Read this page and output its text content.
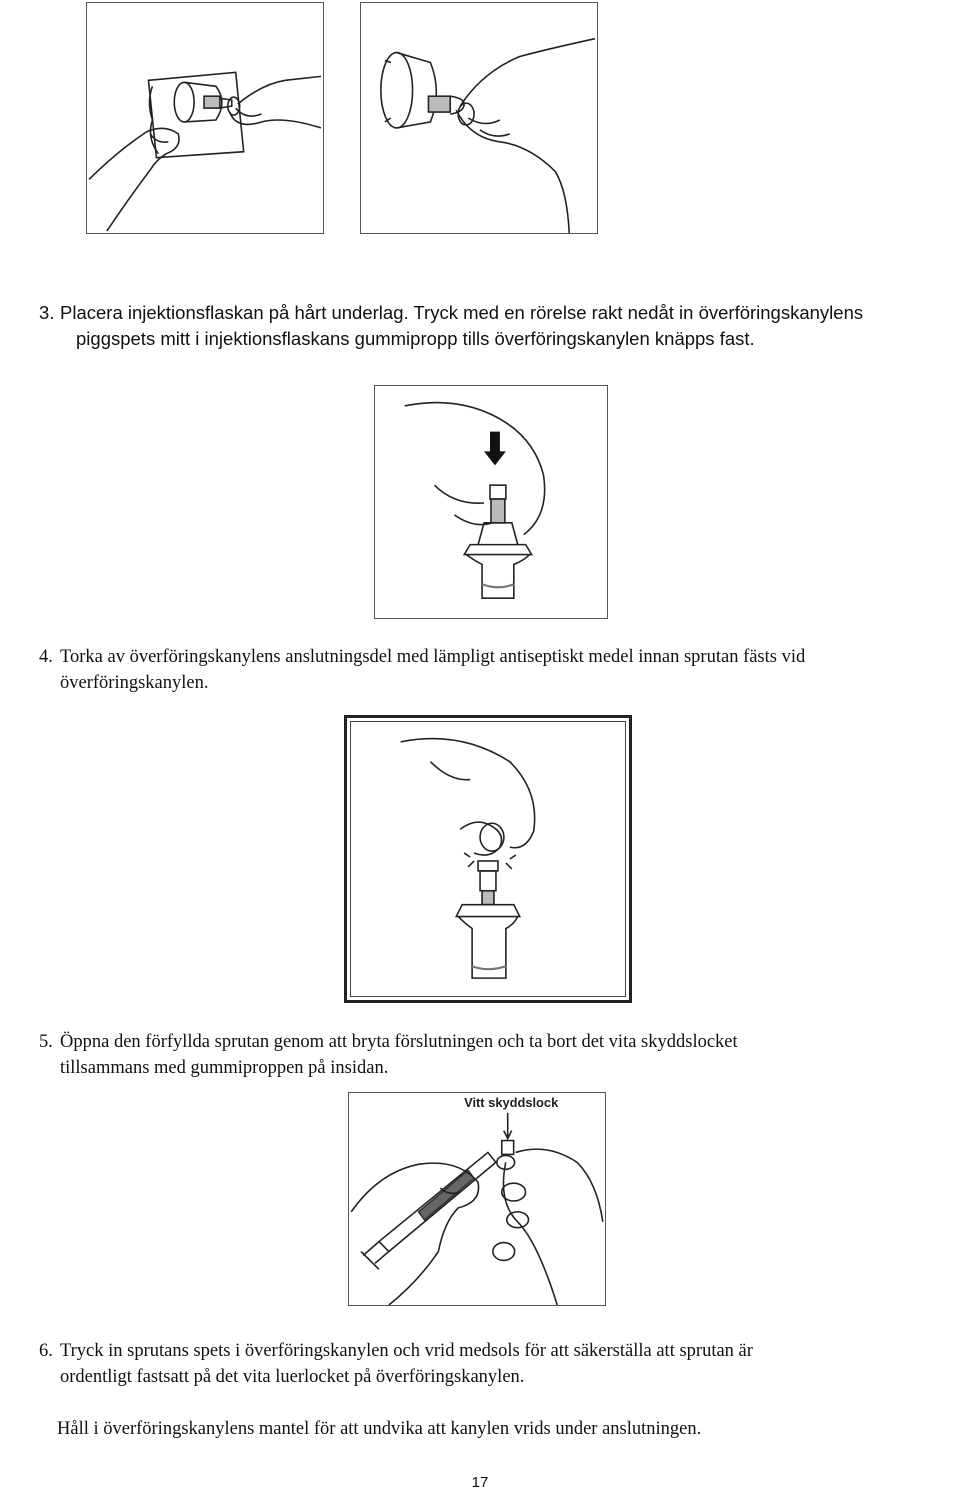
3. Placera injektionsflaskan på hårt underlag. Tryck med en rörelse rakt nedåt in överföringskanylens
piggspets mitt i injektionsflaskans gummipropp tills överföringskanylen knäpps fast.
4. Torka av överföringskanylens anslutningsdel med lämpligt antiseptiskt medel innan sprutan fästs vid
överföringskanylen.
5. Öppna den förfyllda sprutan genom att bryta förslutningen och ta bort det vita skyddslocket
tillsammans med gummiproppen på insidan.
Vitt skyddslock
6. Tryck in sprutans spets i överföringskanylen och vrid medsols för att säkerställa att sprutan är
ordentligt fastsatt på det vita luerlocket på överföringskanylen.
Håll i överföringskanylens mantel för att undvika att kanylen vrids under anslutningen.
17
